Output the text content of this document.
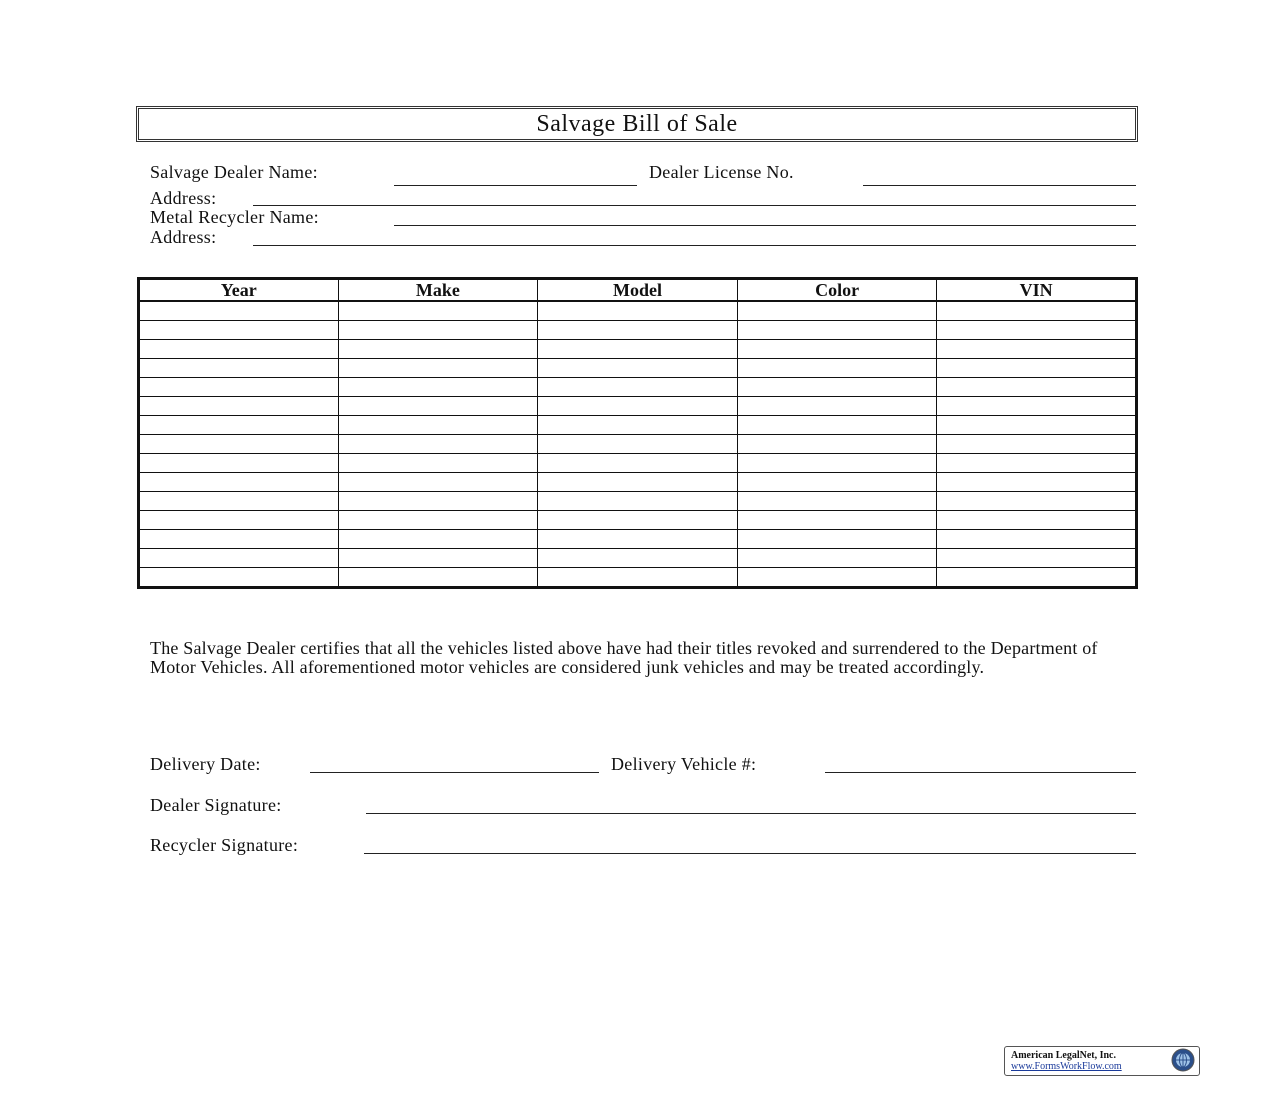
Salvage Bill of Sale
Salvage Dealer Name:	Dealer License No.
Address:
Metal Recycler Name:
Address:
Year	Make	Model	Color	VIN

The Salvage Dealer certifies that all the vehicles listed above have had their titles revoked and surrendered to the Department of Motor Vehicles. All aforementioned motor vehicles are considered junk vehicles and may be treated accordingly.
Delivery Date:	Delivery Vehicle #:
Dealer Signature:
Recycler Signature:
American LegalNet, Inc.
www.FormsWorkFlow.com
